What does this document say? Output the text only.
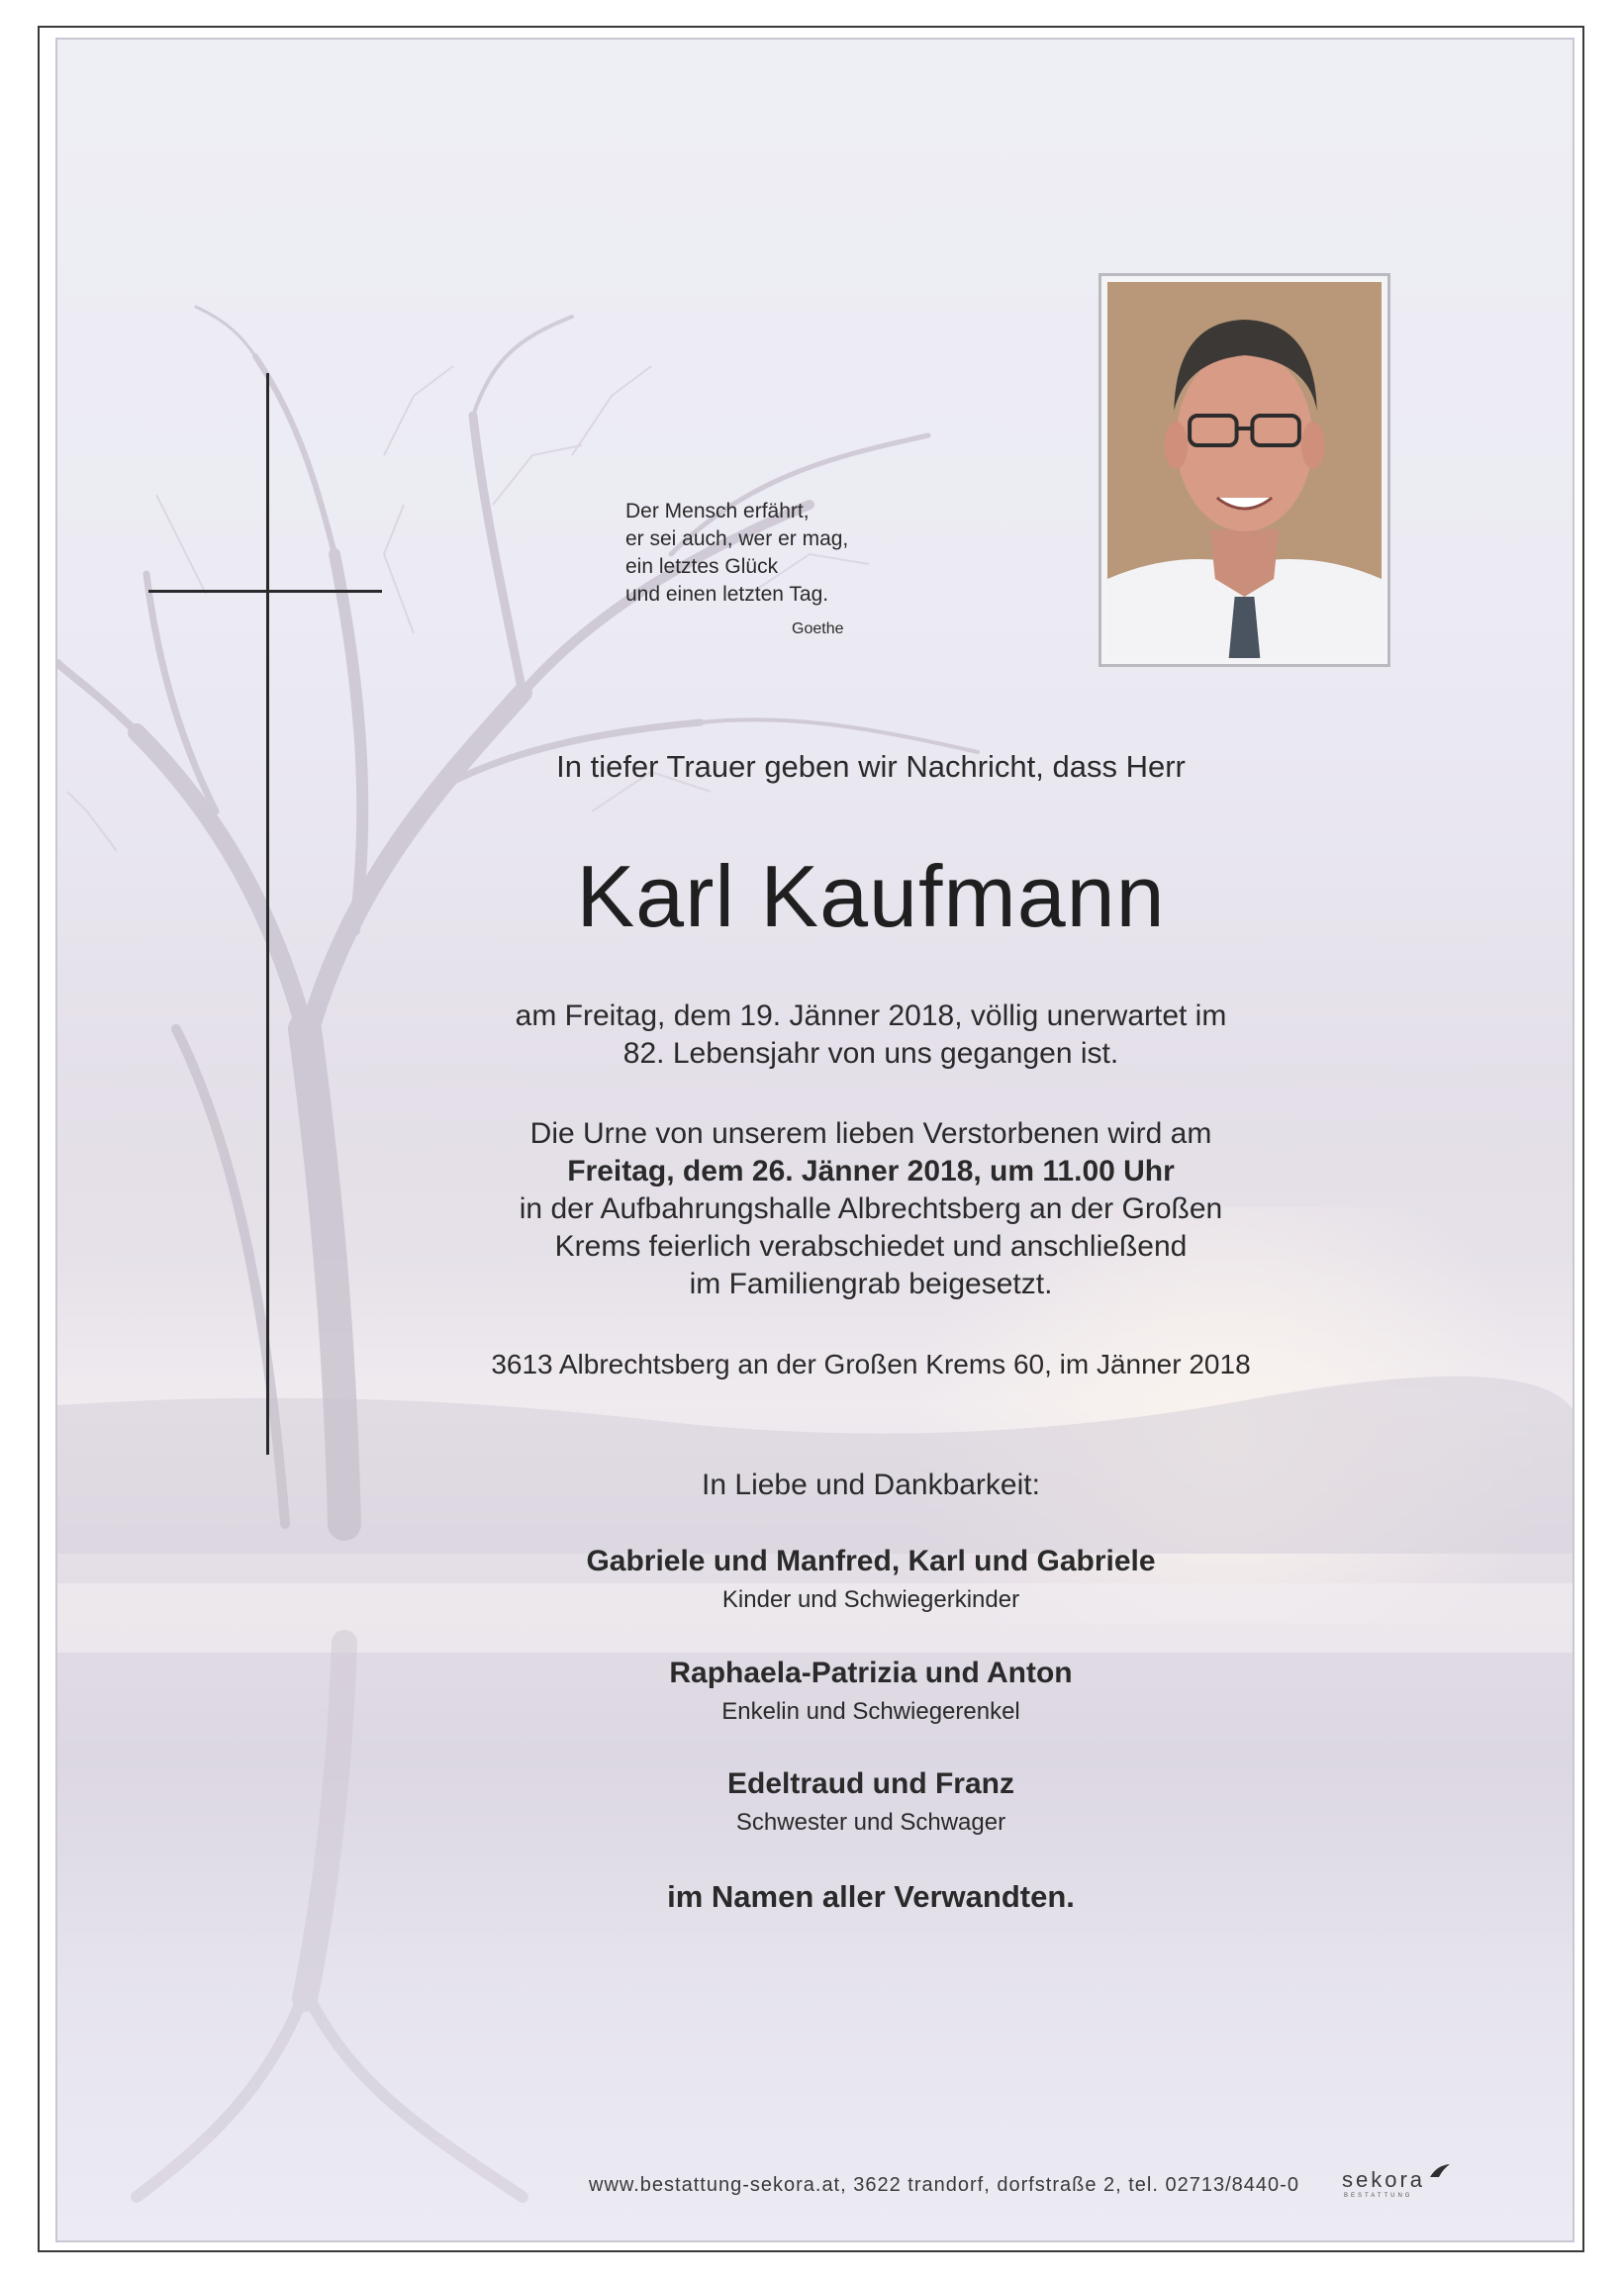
Der Mensch erfährt,
er sei auch, wer er mag,
ein letztes Glück
und einen letzten Tag.
Goethe
In tiefer Trauer geben wir Nachricht, dass Herr
Karl Kaufmann
am Freitag, dem 19. Jänner 2018, völlig unerwartet im
82. Lebensjahr von uns gegangen ist.
Die Urne von unserem lieben Verstorbenen wird am
Freitag, dem 26. Jänner 2018, um 11.00 Uhr
in der Aufbahrungshalle Albrechtsberg an der Großen
Krems feierlich verabschiedet und anschließend
im Familiengrab beigesetzt.
3613 Albrechtsberg an der Großen Krems 60, im Jänner 2018
In Liebe und Dankbarkeit:
Gabriele und Manfred, Karl und Gabriele
Kinder und Schwiegerkinder
Raphaela-Patrizia und Anton
Enkelin und Schwiegerenkel
Edeltraud und Franz
Schwester und Schwager
im Namen aller Verwandten.
www.bestattung-sekora.at, 3622 trandorf, dorfstraße 2, tel. 02713/8440-0 sekora
BESTATTUNG
